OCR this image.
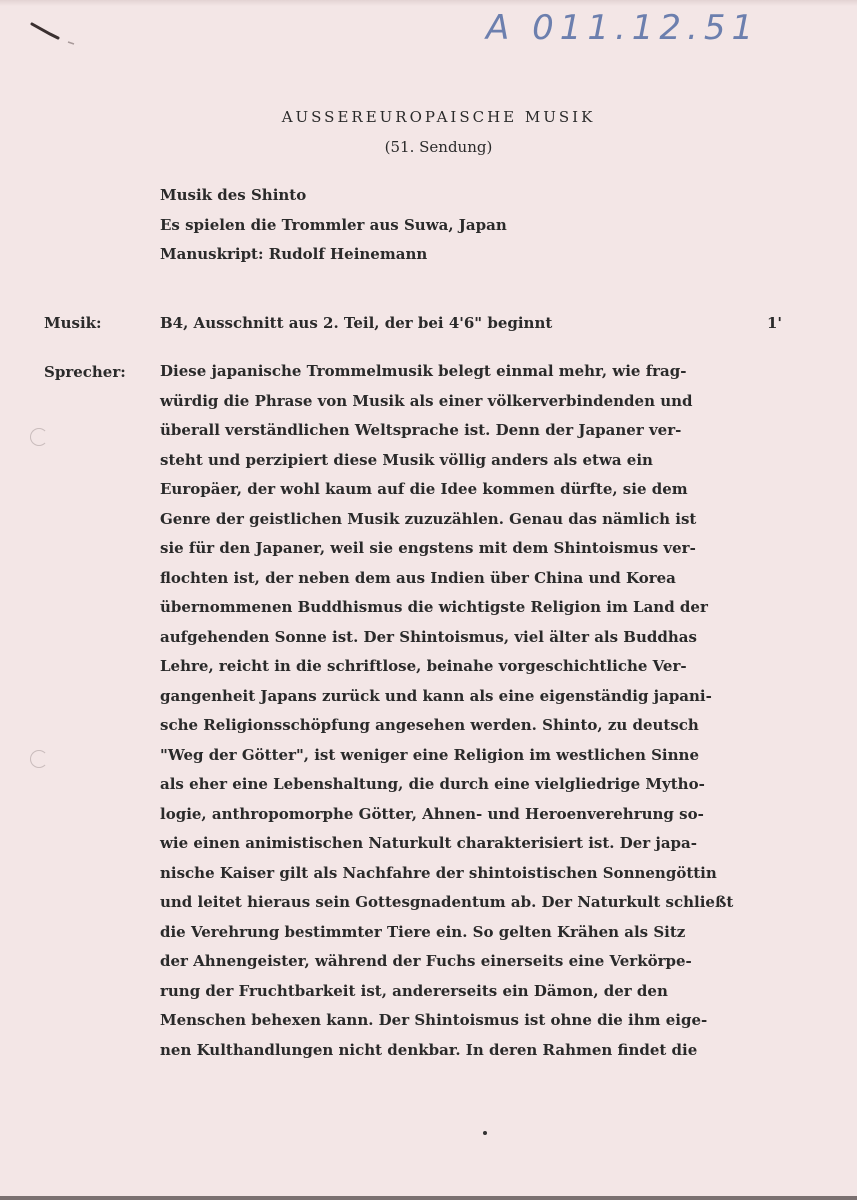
A 011.12.51
AUSSEREUROPAISCHE MUSIK
(51. Sendung)
Musik des Shinto
Es spielen die Trommler aus Suwa, Japan
Manuskript: Rudolf Heinemann
Musik:	B4, Ausschnitt aus 2. Teil, der bei 4'6" beginnt	1'
Sprecher: Diese japanische Trommelmusik belegt einmal mehr, wie frag-
würdig die Phrase von Musik als einer völkerverbindenden und
überall verständlichen Weltsprache ist. Denn der Japaner ver-
steht und perzipiert diese Musik völlig anders als etwa ein
Europäer, der wohl kaum auf die Idee kommen dürfte, sie dem
Genre der geistlichen Musik zuzuzählen. Genau das nämlich ist
sie für den Japaner, weil sie engstens mit dem Shintoismus ver-
flochten ist, der neben dem aus Indien über China und Korea
übernommenen Buddhismus die wichtigste Religion im Land der
aufgehenden Sonne ist. Der Shintoismus, viel älter als Buddhas
Lehre, reicht in die schriftlose, beinahe vorgeschichtliche Ver-
gangenheit Japans zurück und kann als eine eigenständig japani-
sche Religionsschöpfung angesehen werden. Shinto, zu deutsch
"Weg der Götter", ist weniger eine Religion im westlichen Sinne
als eher eine Lebenshaltung, die durch eine vielgliedrige Mytho-
logie, anthropomorphe Götter, Ahnen- und Heroenverehrung so-
wie einen animistischen Naturkult charakterisiert ist. Der japa-
nische Kaiser gilt als Nachfahre der shintoistischen Sonnengöttin
und leitet hieraus sein Gottesgnadentum ab. Der Naturkult schließt
die Verehrung bestimmter Tiere ein. So gelten Krähen als Sitz
der Ahnengeister, während der Fuchs einerseits eine Verkörpe-
rung der Fruchtbarkeit ist, andererseits ein Dämon, der den
Menschen behexen kann. Der Shintoismus ist ohne die ihm eige-
nen Kulthandlungen nicht denkbar. In deren Rahmen findet die
